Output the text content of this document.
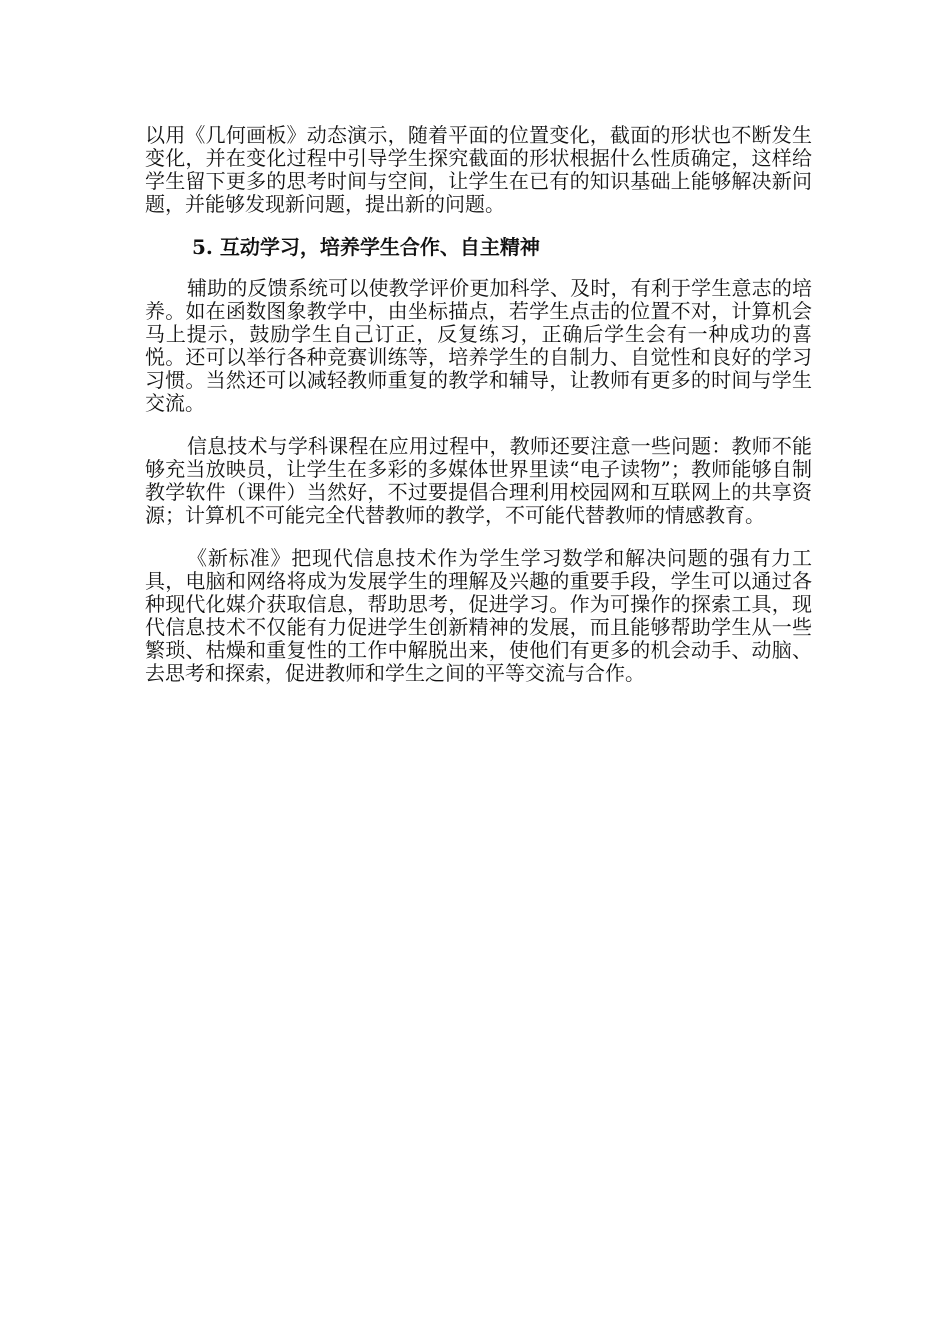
以用《几何画板》动态演示，随着平面的位置变化，截面的形状也不断发生变化，并在变化过程中引导学生探究截面的形状根据什么性质确定，这样给学生留下更多的思考时间与空间，让学生在已有的知识基础上能够解决新问题，并能够发现新问题，提出新的问题。

5. 互动学习，培养学生合作、自主精神

辅助的反馈系统可以使教学评价更加科学、及时，有利于学生意志的培养。如在函数图象教学中，由坐标描点，若学生点击的位置不对，计算机会马上提示，鼓励学生自己订正，反复练习，正确后学生会有一种成功的喜悦。还可以举行各种竞赛训练等，培养学生的自制力、自觉性和良好的学习习惯。当然还可以减轻教师重复的教学和辅导，让教师有更多的时间与学生交流。

信息技术与学科课程在应用过程中，教师还要注意一些问题：教师不能够充当放映员，让学生在多彩的多媒体世界里读“电子读物”；教师能够自制教学软件（课件）当然好，不过要提倡合理利用校园网和互联网上的共享资源；计算机不可能完全代替教师的教学，不可能代替教师的情感教育。

《新标准》把现代信息技术作为学生学习数学和解决问题的强有力工具，电脑和网络将成为发展学生的理解及兴趣的重要手段，学生可以通过各种现代化媒介获取信息，帮助思考，促进学习。作为可操作的探索工具，现代信息技术不仅能有力促进学生创新精神的发展，而且能够帮助学生从一些繁琐、枯燥和重复性的工作中解脱出来，使他们有更多的机会动手、动脑、去思考和探索，促进教师和学生之间的平等交流与合作。
